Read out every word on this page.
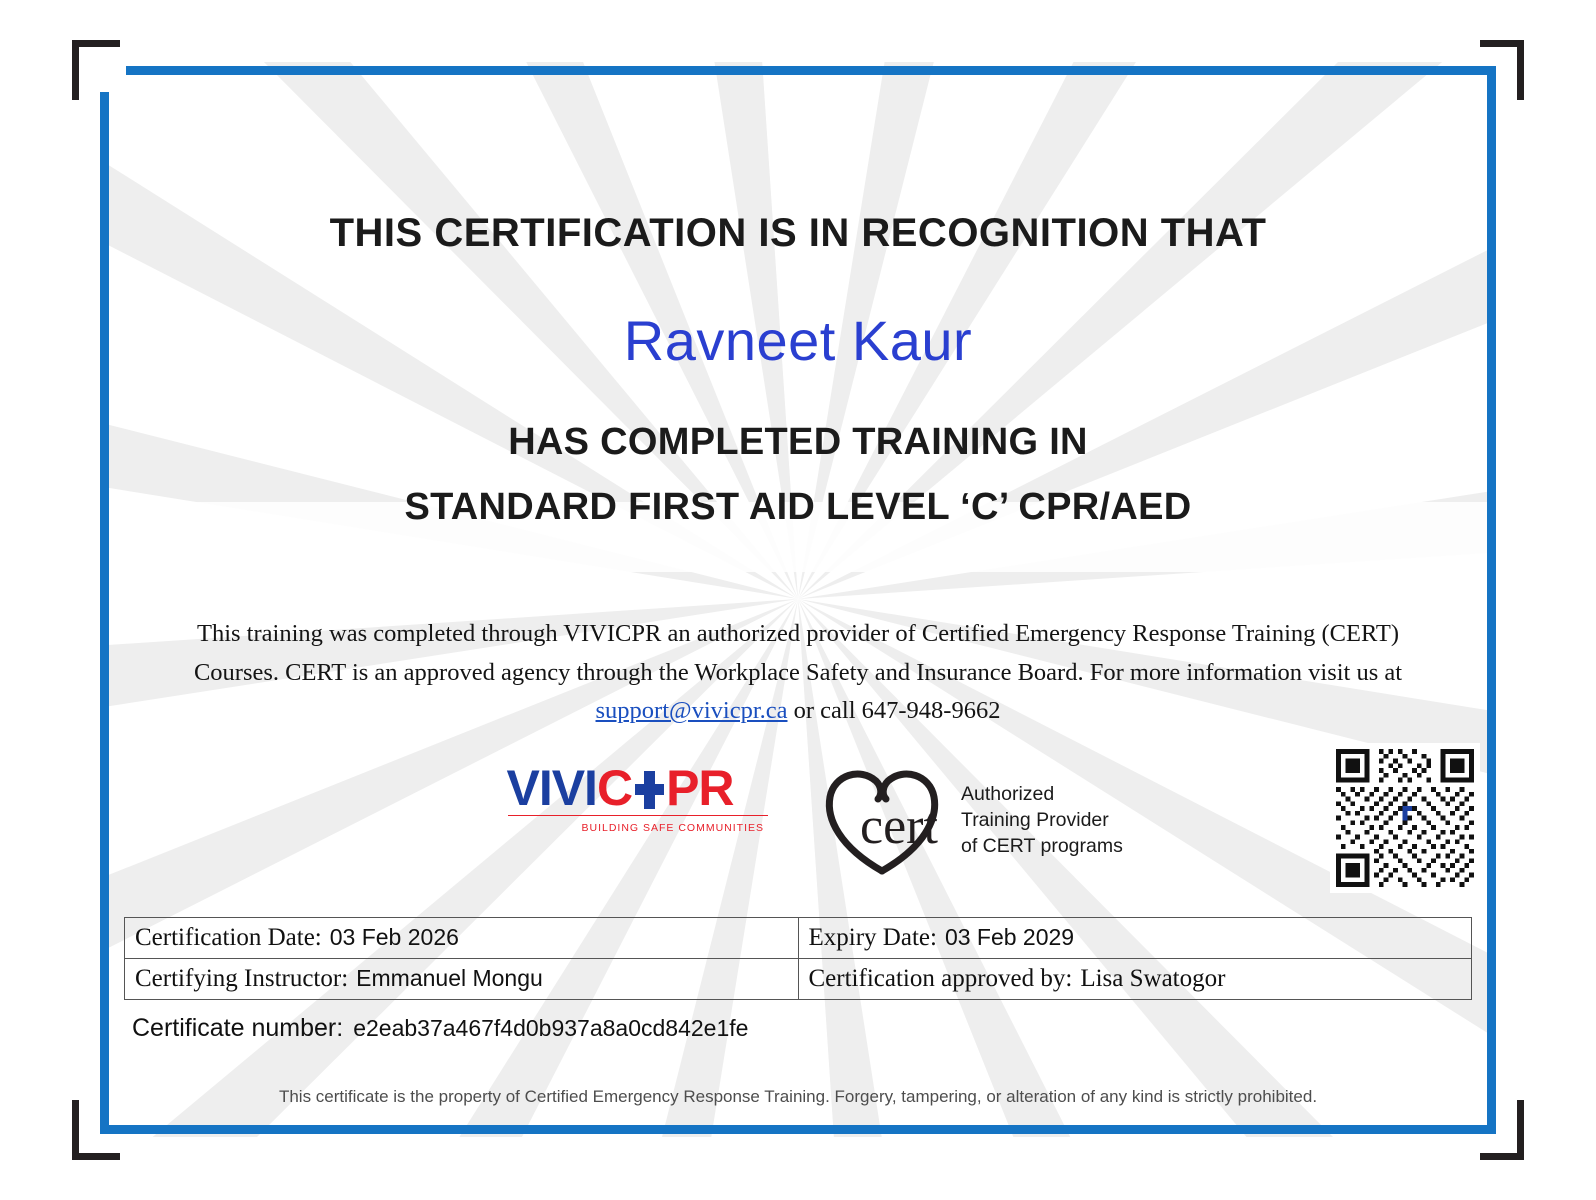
THIS CERTIFICATION IS IN RECOGNITION THAT
Ravneet Kaur
HAS COMPLETED TRAINING IN
STANDARD FIRST AID LEVEL ‘C’ CPR/AED
This training was completed through VIVICPR an authorized provider of Certified Emergency Response Training (CERT) Courses. CERT is an approved agency through the Workplace Safety and Insurance Board. For more information visit us at support@vivicpr.ca or call 647-948-9662
VIVIC PR
BUILDING SAFE COMMUNITIES cert
Authorized
Training Provider
of CERT programs
Certification Date: 03 Feb 2026	Expiry Date: 03 Feb 2029
Certifying Instructor: Emmanuel Mongu	Certification approved by: Lisa Swatogor
Certificate number: e2eab37a467f4d0b937a8a0cd842e1fe
This certificate is the property of Certified Emergency Response Training. Forgery, tampering, or alteration of any kind is strictly prohibited.
